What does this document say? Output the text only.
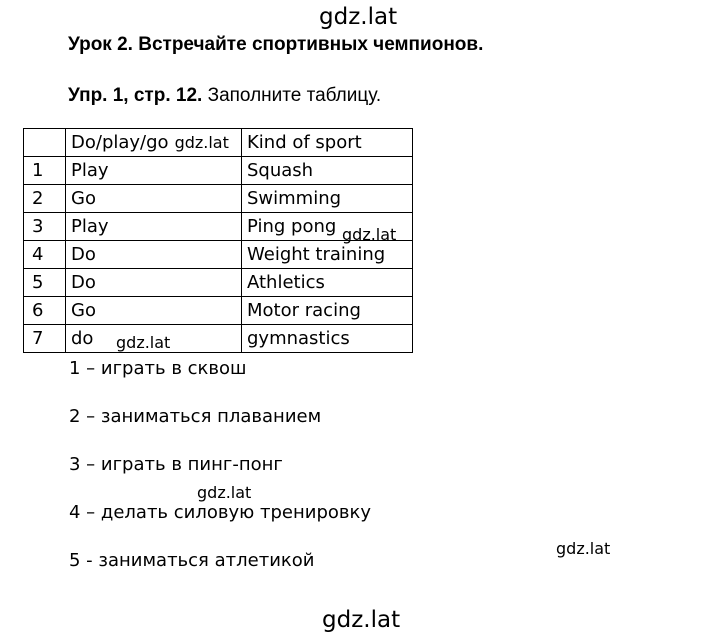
gdz.lat
Урок 2. Встречайте спортивных чемпионов.
Упр. 1, стр. 12. Заполните таблицу.
	Do/play/go gdz.lat	Kind of sport
1	Play	Squash
2	Go	Swimming
3	Play	Ping pong gdz.lat

4	Do	Weight training
5	Do	Athletics
6	Go	Motor racing
7	do gdz.lat	gymnastics
1 – играть в сквош
2 – заниматься плаванием
3 – играть в пинг-понг
4 – делать силовую тренировку
5 - заниматься атлетикой
gdz.lat
gdz.lat
gdz.lat
